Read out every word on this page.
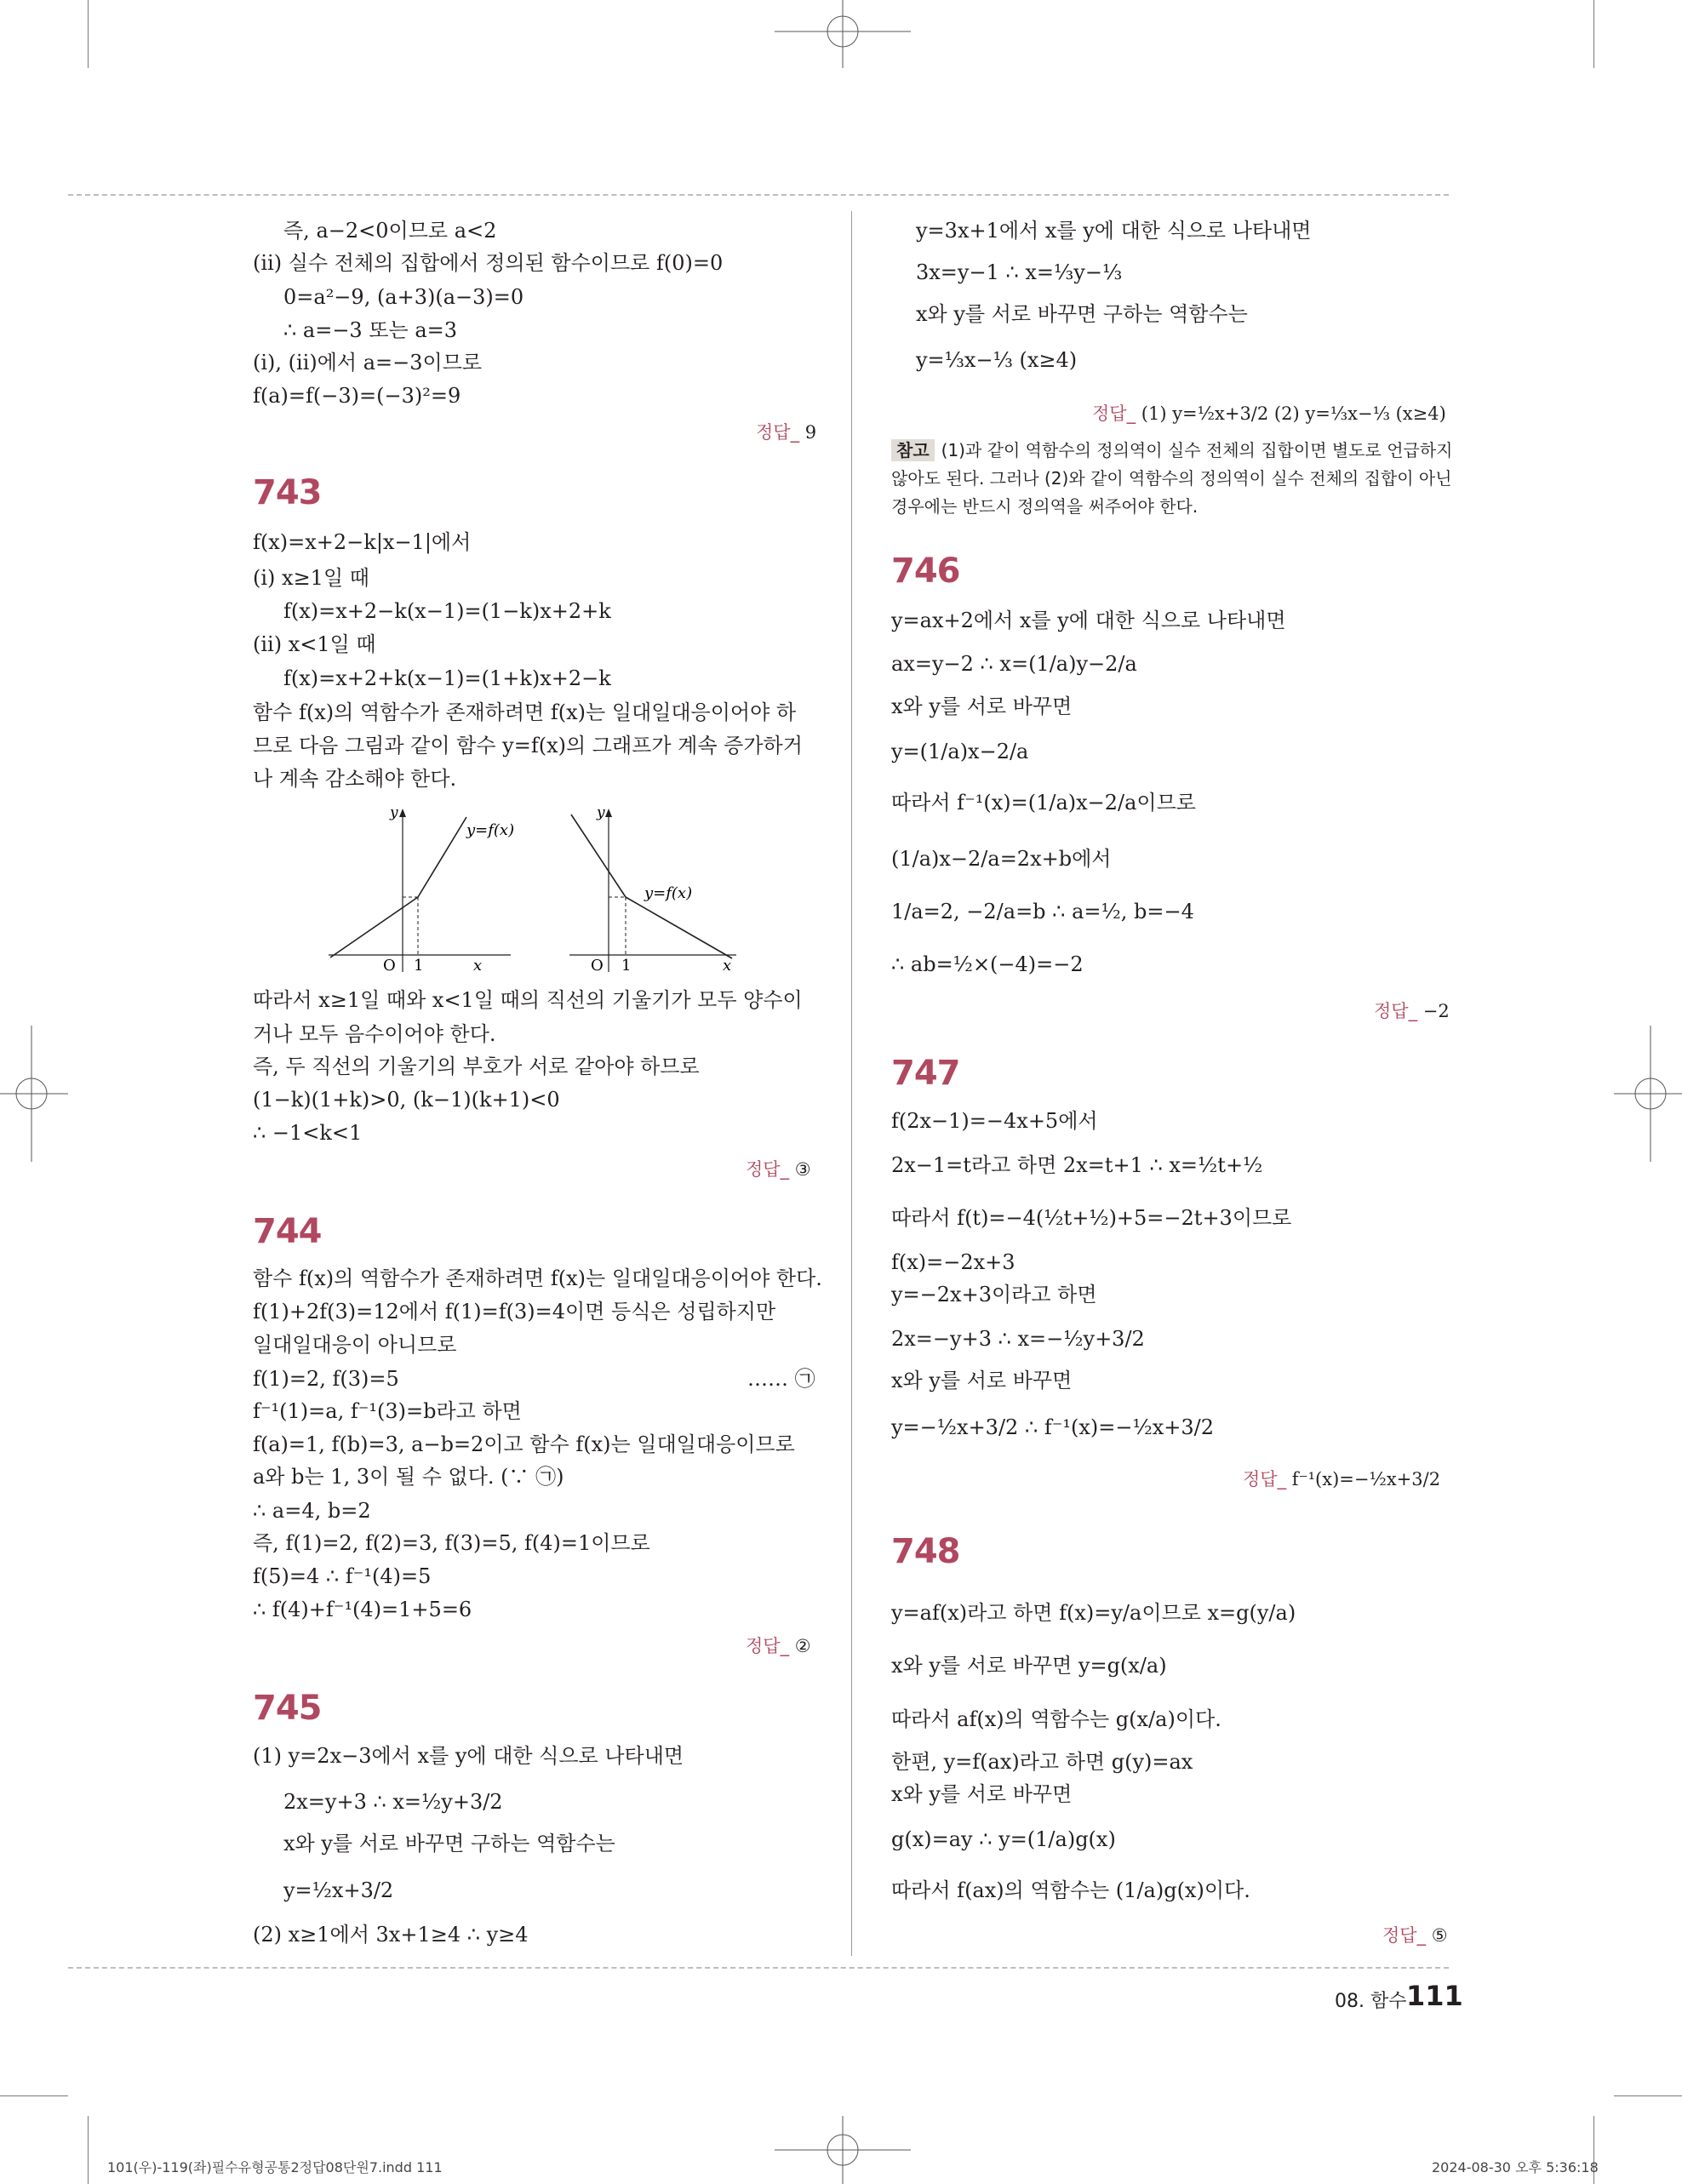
즉, a−2<0이므로 a<2
(ⅱ) 실수 전체의 집합에서 정의된 함수이므로 f(0)=0
0=a²−9, (a+3)(a−3)=0
∴ a=−3 또는 a=3
(ⅰ), (ⅱ)에서 a=−3이므로
f(a)=f(−3)=(−3)²=9
정답_ 9
743
f(x)=x+2−k|x−1|에서
(ⅰ) x≥1일 때
f(x)=x+2−k(x−1)=(1−k)x+2+k
(ⅱ) x<1일 때
f(x)=x+2+k(x−1)=(1+k)x+2−k
함수 f(x)의 역함수가 존재하려면 f(x)는 일대일대응이어야 하
므로 다음 그림과 같이 함수 y=f(x)의 그래프가 계속 증가하거
나 계속 감소해야 한다.
y
y=f(x)
O 1	x
y
y=f(x)
O 1	x
따라서 x≥1일 때와 x<1일 때의 직선의 기울기가 모두 양수이
거나 모두 음수이어야 한다.
즉, 두 직선의 기울기의 부호가 서로 같아야 하므로
(1−k)(1+k)>0, (k−1)(k+1)<0
∴ −1<k<1
정답_ ③
744
함수 f(x)의 역함수가 존재하려면 f(x)는 일대일대응이어야 한다.
f(1)+2f(3)=12에서 f(1)=f(3)=4이면 등식은 성립하지만
일대일대응이 아니므로
f(1)=2, f(3)=5	…… ㉠
f⁻¹(1)=a, f⁻¹(3)=b라고 하면
f(a)=1, f(b)=3, a−b=2이고 함수 f(x)는 일대일대응이므로
a와 b는 1, 3이 될 수 없다. (∵ ㉠)
∴ a=4, b=2
즉, f(1)=2, f(2)=3, f(3)=5, f(4)=1이므로
f(5)=4 ∴ f⁻¹(4)=5
∴ f(4)+f⁻¹(4)=1+5=6
정답_ ②
745
(1) y=2x−3에서 x를 y에 대한 식으로 나타내면
2x=y+3 ∴ x=½y+3/2
x와 y를 서로 바꾸면 구하는 역함수는
y=½x+3/2
(2) x≥1에서 3x+1≥4 ∴ y≥4
y=3x+1에서 x를 y에 대한 식으로 나타내면
3x=y−1 ∴ x=⅓y−⅓
x와 y를 서로 바꾸면 구하는 역함수는
y=⅓x−⅓ (x≥4)
정답_ (1) y=½x+3/2 (2) y=⅓x−⅓ (x≥4)
참고 (1)과 같이 역함수의 정의역이 실수 전체의 집합이면 별도로 언급하지
않아도 된다. 그러나 (2)와 같이 역함수의 정의역이 실수 전체의 집합이 아닌
경우에는 반드시 정의역을 써주어야 한다.
746
y=ax+2에서 x를 y에 대한 식으로 나타내면
ax=y−2 ∴ x=(1/a)y−2/a
x와 y를 서로 바꾸면
y=(1/a)x−2/a
따라서 f⁻¹(x)=(1/a)x−2/a이므로
(1/a)x−2/a=2x+b에서
1/a=2, −2/a=b ∴ a=½, b=−4
∴ ab=½×(−4)=−2
정답_ −2
747
f(2x−1)=−4x+5에서
2x−1=t라고 하면 2x=t+1 ∴ x=½t+½
따라서 f(t)=−4(½t+½)+5=−2t+3이므로
f(x)=−2x+3
y=−2x+3이라고 하면
2x=−y+3 ∴ x=−½y+3/2
x와 y를 서로 바꾸면
y=−½x+3/2 ∴ f⁻¹(x)=−½x+3/2
정답_ f⁻¹(x)=−½x+3/2
748
y=af(x)라고 하면 f(x)=y/a이므로 x=g(y/a)
x와 y를 서로 바꾸면 y=g(x/a)
따라서 af(x)의 역함수는 g(x/a)이다.
한편, y=f(ax)라고 하면 g(y)=ax
x와 y를 서로 바꾸면
g(x)=ay ∴ y=(1/a)g(x)
따라서 f(ax)의 역함수는 (1/a)g(x)이다.
정답_ ⑤
08. 함수 111
101(우)-119(좌)필수유형공통2정답08단원7.indd 111	2024-08-30 오후 5:36:18
